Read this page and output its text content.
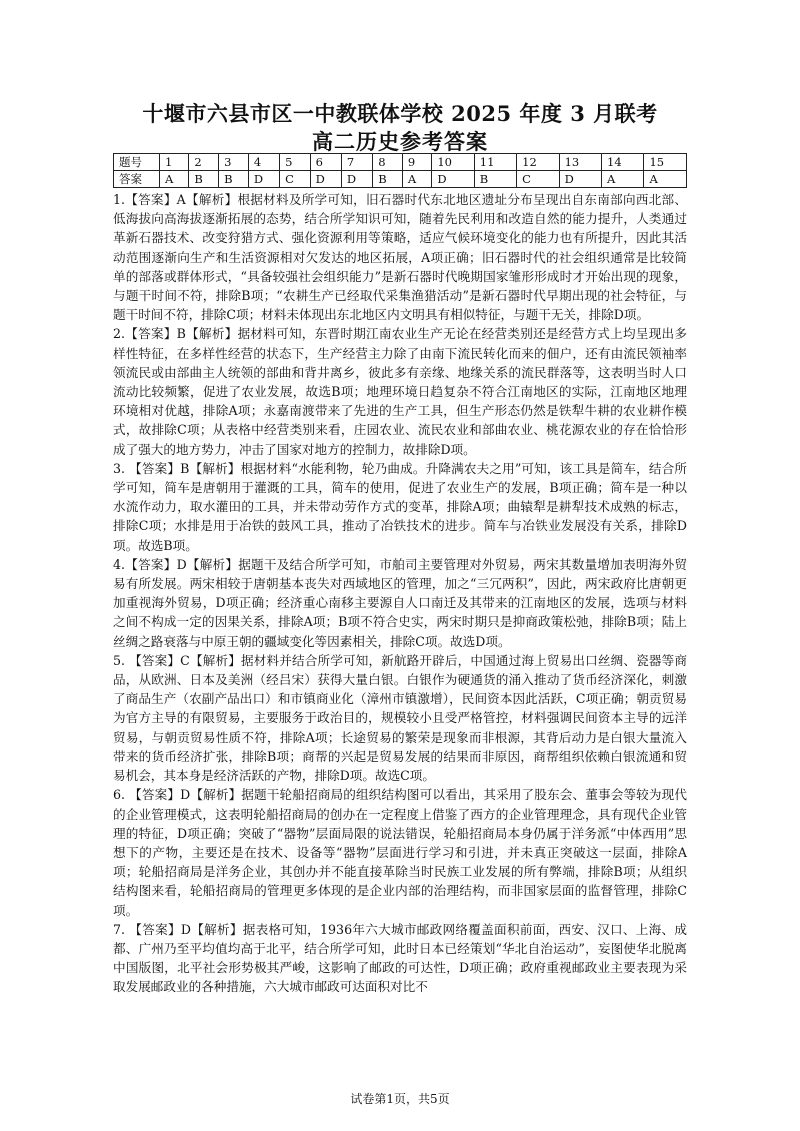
十堰市六县市区一中教联体学校 2025 年度 3 月联考
高二历史参考答案
题号	1	2	3	4	5	6	7	8	9	10	11	12	13	14	15
答案	A	B	B	D	C	D	D	B	A	D	B	C	D	A	A

1.【答案】A【解析】根据材料及所学可知，旧石器时代东北地区遗址分布呈现出自东南部向西北部、低海拔向高海拔逐渐拓展的态势，结合所学知识可知，随着先民利用和改造自然的能力提升，人类通过革新石器技术、改变狩猎方式、强化资源利用等策略，适应气候环境变化的能力也有所提升，因此其活动范围逐渐向生产和生活资源相对欠发达的地区拓展，A项正确；旧石器时代的社会组织通常是比较简单的部落或群体形式，“具备较强社会组织能力”是新石器时代晚期国家雏形形成时才开始出现的现象，与题干时间不符，排除B项；“农耕生产已经取代采集渔猎活动”是新石器时代早期出现的社会特征，与题干时间不符，排除C项；材料未体现出东北地区内文明具有相似特征，与题干无关，排除D项。

2.【答案】B【解析】据材料可知，东晋时期江南农业生产无论在经营类别还是经营方式上均呈现出多样性特征，在多样性经营的状态下，生产经营主力除了由南下流民转化而来的佃户，还有由流民领袖率领流民或由部曲主人统领的部曲和背井离乡，彼此多有亲缘、地缘关系的流民群落等，这表明当时人口流动比较频繁，促进了农业发展，故选B项；地理环境日趋复杂不符合江南地区的实际，江南地区地理环境相对优越，排除A项；永嘉南渡带来了先进的生产工具，但生产形态仍然是铁犁牛耕的农业耕作模式，故排除C项；从表格中经营类别来看，庄园农业、流民农业和部曲农业、桃花源农业的存在恰恰形成了强大的地方势力，冲击了国家对地方的控制力，故排除D项。

3. 【答案】B【解析】根据材料“水能利物，轮乃曲成。升降满农夫之用”可知，该工具是简车，结合所学可知，简车是唐朝用于灌溉的工具，简车的使用，促进了农业生产的发展，B项正确；简车是一种以水流作动力，取水灌田的工具，并未带动劳作方式的变革，排除A项；曲辕犁是耕犁技术成熟的标志，排除C项；水排是用于冶铁的鼓风工具，推动了冶铁技术的进步。简车与冶铁业发展没有关系，排除D项。故选B项。

4.【答案】D【解析】据题干及结合所学可知，市舶司主要管理对外贸易，两宋其数量增加表明海外贸易有所发展。两宋相较于唐朝基本丧失对西域地区的管理，加之“三冗两积”，因此，两宋政府比唐朝更加重视海外贸易，D项正确；经济重心南移主要源自人口南迁及其带来的江南地区的发展，选项与材料之间不构成一定的因果关系，排除A项；B项不符合史实，两宋时期只是抑商政策松弛，排除B项；陆上丝绸之路衰落与中原王朝的疆域变化等因素相关，排除C项。故选D项。

5. 【答案】C【解析】据材料并结合所学可知，新航路开辟后，中国通过海上贸易出口丝绸、瓷器等商品，从欧洲、日本及美洲（经吕宋）获得大量白银。白银作为硬通货的涌入推动了货币经济深化，刺激了商品生产（农副产品出口）和市镇商业化（漳州市镇激增），民间资本因此活跃，C项正确；朝贡贸易为官方主导的有限贸易，主要服务于政治目的，规模较小且受严格管控，材料强调民间资本主导的远洋贸易，与朝贡贸易性质不符，排除A项；长途贸易的繁荣是现象而非根源，其背后动力是白银大量流入带来的货币经济扩张，排除B项；商帮的兴起是贸易发展的结果而非原因，商帮组织依赖白银流通和贸易机会，其本身是经济活跃的产物，排除D项。故选C项。

6. 【答案】D【解析】据题干轮船招商局的组织结构图可以看出，其采用了股东会、董事会等较为现代的企业管理模式，这表明轮船招商局的创办在一定程度上借鉴了西方的企业管理理念，具有现代企业管理的特征，D项正确；突破了“器物”层面局限的说法错误，轮船招商局本身仍属于洋务派“中体西用”思想下的产物，主要还是在技术、设备等“器物”层面进行学习和引进，并未真正突破这一层面，排除A项；轮船招商局是洋务企业，其创办并不能直接革除当时民族工业发展的所有弊端，排除B项；从组织结构图来看，轮船招商局的管理更多体现的是企业内部的治理结构，而非国家层面的监督管理，排除C项。

7. 【答案】D【解析】据表格可知，1936年六大城市邮政网络覆盖面积前面，西安、汉口、上海、成都、广州乃至平均值均高于北平，结合所学可知，此时日本已经策划“华北自治运动”，妄图使华北脱离中国版图，北平社会形势极其严峻，这影响了邮政的可达性，D项正确；政府重视邮政业主要表现为采取发展邮政业的各种措施，六大城市邮政可达面积对比不

试卷第1页，共5页
